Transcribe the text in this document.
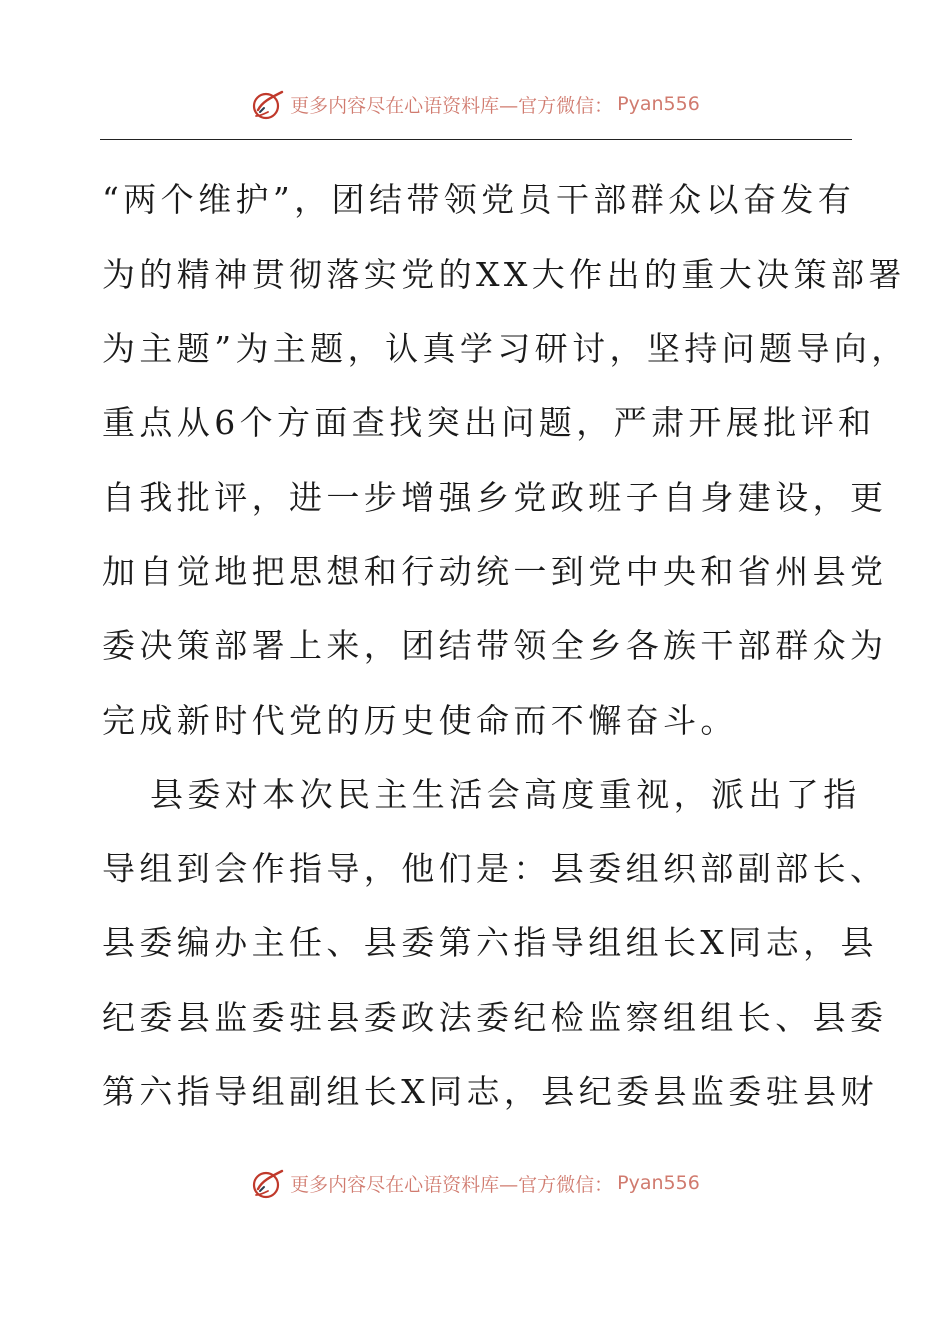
更多内容尽在心语资料库—官方微信： Pyan556
“两个维护”，团结带领党员干部群众以奋发有
为的精神贯彻落实党的XX大作出的重大决策部署
为主题”为主题，认真学习研讨，坚持问题导向，
重点从6个方面查找突出问题，严肃开展批评和
自我批评，进一步增强乡党政班子自身建设，更
加自觉地把思想和行动统一到党中央和省州县党
委决策部署上来，团结带领全乡各族干部群众为
完成新时代党的历史使命而不懈奋斗。
县委对本次民主生活会高度重视，派出了指
导组到会作指导，他们是：县委组织部副部长、
县委编办主任、县委第六指导组组长X同志，县
纪委县监委驻县委政法委纪检监察组组长、县委
第六指导组副组长X同志，县纪委县监委驻县财
更多内容尽在心语资料库—官方微信： Pyan556
